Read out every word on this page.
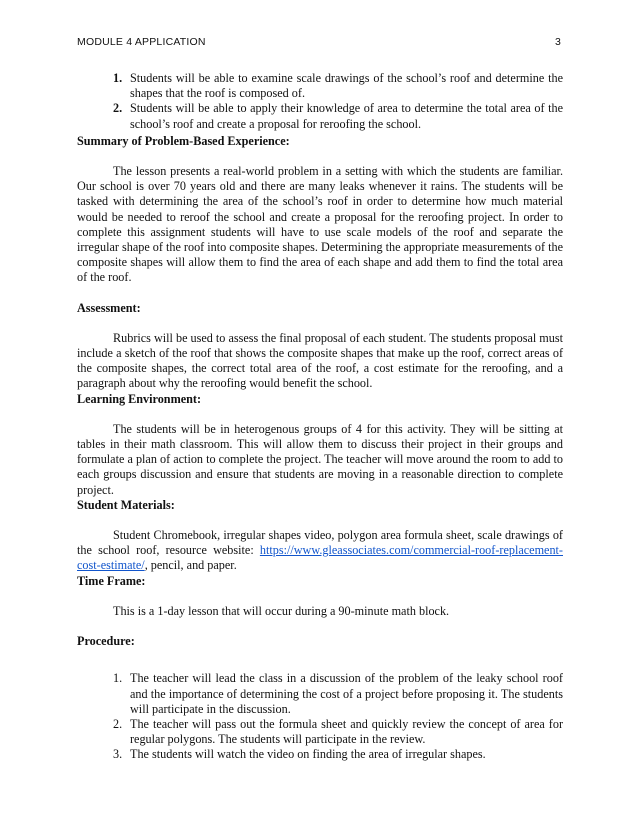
MODULE 4 APPLICATION	3
1. Students will be able to examine scale drawings of the school’s roof and determine the shapes that the roof is composed of.
2. Students will be able to apply their knowledge of area to determine the total area of the school’s roof and create a proposal for reroofing the school.
Summary of Problem-Based Experience:

The lesson presents a real-world problem in a setting with which the students are familiar. Our school is over 70 years old and there are many leaks whenever it rains. The students will be tasked with determining the area of the school’s roof in order to determine how much material would be needed to reroof the school and create a proposal for the reroofing project. In order to complete this assignment students will have to use scale models of the roof and separate the irregular shape of the roof into composite shapes. Determining the appropriate measurements of the composite shapes will allow them to find the area of each shape and add them to find the total area of the roof.

Assessment:

Rubrics will be used to assess the final proposal of each student. The students proposal must include a sketch of the roof that shows the composite shapes that make up the roof, correct areas of the composite shapes, the correct total area of the roof, a cost estimate for the reroofing, and a paragraph about why the reroofing would benefit the school.

Learning Environment:

The students will be in heterogenous groups of 4 for this activity. They will be sitting at tables in their math classroom. This will allow them to discuss their project in their groups and formulate a plan of action to complete the project. The teacher will move around the room to add to each groups discussion and ensure that students are moving in a reasonable direction to complete project.

Student Materials:

Student Chromebook, irregular shapes video, polygon area formula sheet, scale drawings of the school roof, resource website: https://www.gleassociates.com/commercial-roof-replacement-cost-estimate/, pencil, and paper.

Time Frame:

This is a 1-day lesson that will occur during a 90-minute math block.

Procedure:
1. The teacher will lead the class in a discussion of the problem of the leaky school roof and the importance of determining the cost of a project before proposing it. The students will participate in the discussion.
2. The teacher will pass out the formula sheet and quickly review the concept of area for regular polygons. The students will participate in the review.
3. The students will watch the video on finding the area of irregular shapes.
